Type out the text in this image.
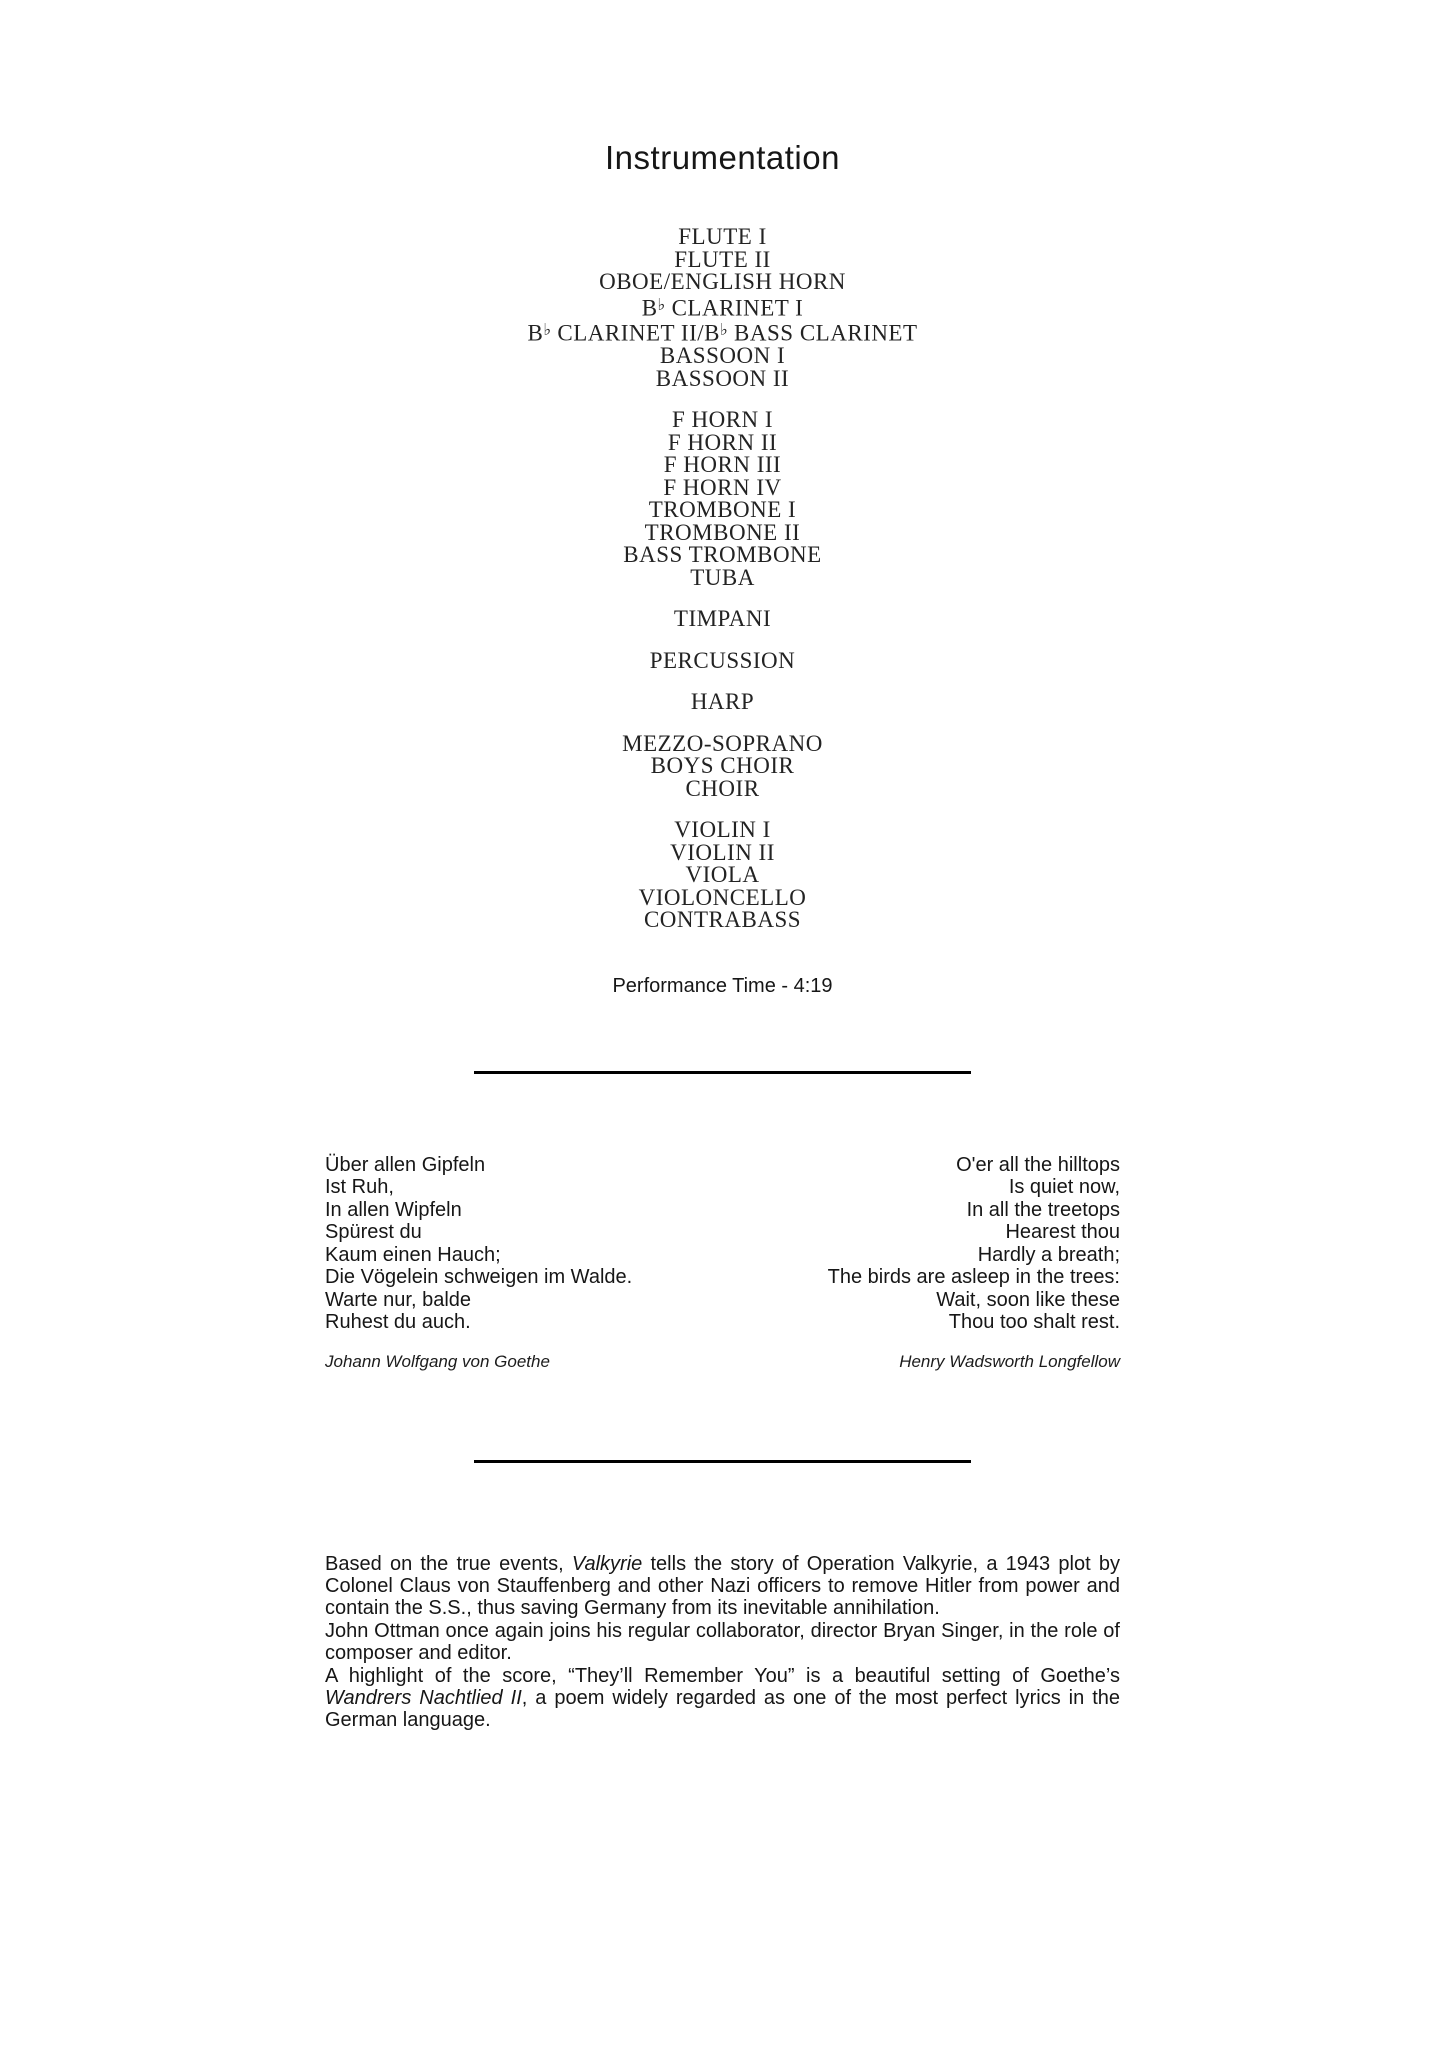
Instrumentation
FLUTE I
FLUTE II
OBOE/ENGLISH HORN
B♭ CLARINET I
B♭ CLARINET II/B♭ BASS CLARINET
BASSOON I
BASSOON II
F HORN I
F HORN II
F HORN III
F HORN IV
TROMBONE I
TROMBONE II
BASS TROMBONE
TUBA
TIMPANI
PERCUSSION
HARP
MEZZO-SOPRANO
BOYS CHOIR
CHOIR
VIOLIN I
VIOLIN II
VIOLA
VIOLONCELLO
CONTRABASS
Performance Time - 4:19
Über allen Gipfeln
Ist Ruh,
In allen Wipfeln
Spürest du
Kaum einen Hauch;
Die Vögelein schweigen im Walde.
Warte nur, balde
Ruhest du auch.
O'er all the hilltops
Is quiet now,
In all the treetops
Hearest thou
Hardly a breath;
The birds are asleep in the trees:
Wait, soon like these
Thou too shalt rest.
Johann Wolfgang von Goethe	Henry Wadsworth Longfellow

Based on the true events, Valkyrie tells the story of Operation Valkyrie, a 1943 plot by Colonel Claus von Stauffenberg and other Nazi officers to remove Hitler from power and contain the S.S., thus saving Germany from its inevitable annihilation.

John Ottman once again joins his regular collaborator, director Bryan Singer, in the role of composer and editor.

A highlight of the score, “They’ll Remember You” is a beautiful setting of Goethe’s Wandrers Nachtlied II, a poem widely regarded as one of the most perfect lyrics in the German language.
